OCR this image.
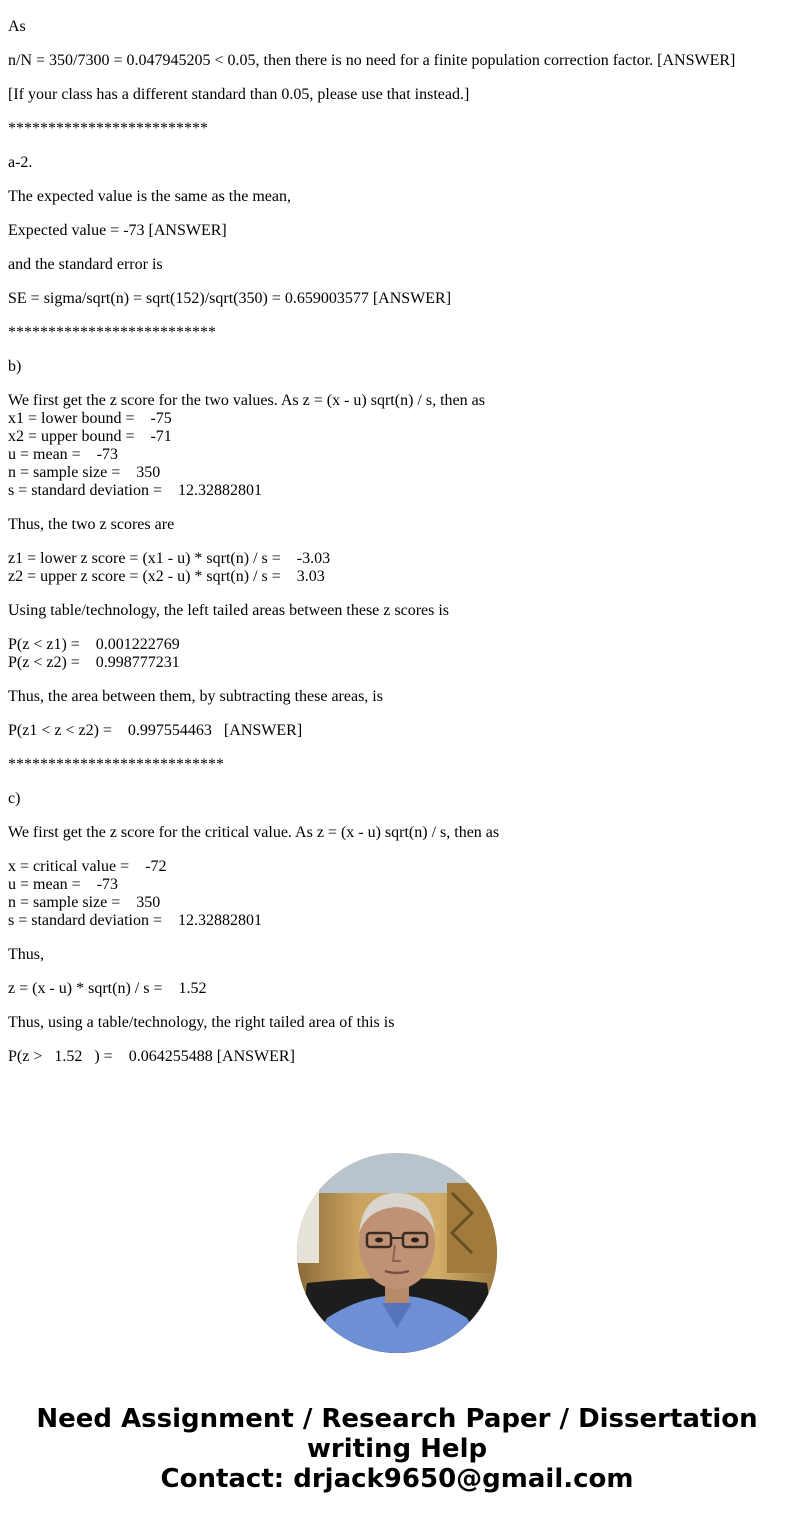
As
n/N = 350/7300 = 0.047945205 < 0.05, then there is no need for a finite population correction factor. [ANSWER]
[If your class has a different standard than 0.05, please use that instead.]
*************************
a-2.
The expected value is the same as the mean,
Expected value = -73 [ANSWER]
and the standard error is
SE = sigma/sqrt(n) = sqrt(152)/sqrt(350) = 0.659003577 [ANSWER]
**************************
b)
We first get the z score for the two values. As z = (x - u) sqrt(n) / s, then as
x1 = lower bound =    -75
x2 = upper bound =    -71
u = mean =    -73
n = sample size =    350
s = standard deviation =    12.32882801
Thus, the two z scores are
z1 = lower z score = (x1 - u) * sqrt(n) / s =    -3.03
z2 = upper z score = (x2 - u) * sqrt(n) / s =    3.03
Using table/technology, the left tailed areas between these z scores is
P(z < z1) =    0.001222769
P(z < z2) =    0.998777231
Thus, the area between them, by subtracting these areas, is
P(z1 < z < z2) =    0.997554463   [ANSWER]
***************************
c)
We first get the z score for the critical value. As z = (x - u) sqrt(n) / s, then as
x = critical value =    -72
u = mean =    -73
n = sample size =    350
s = standard deviation =    12.32882801
Thus,
z = (x - u) * sqrt(n) / s =    1.52
Thus, using a table/technology, the right tailed area of this is
P(z >   1.52   ) =    0.064255488 [ANSWER]
Need Assignment / Research Paper / Dissertation
writing Help
Contact: drjack9650@gmail.com
